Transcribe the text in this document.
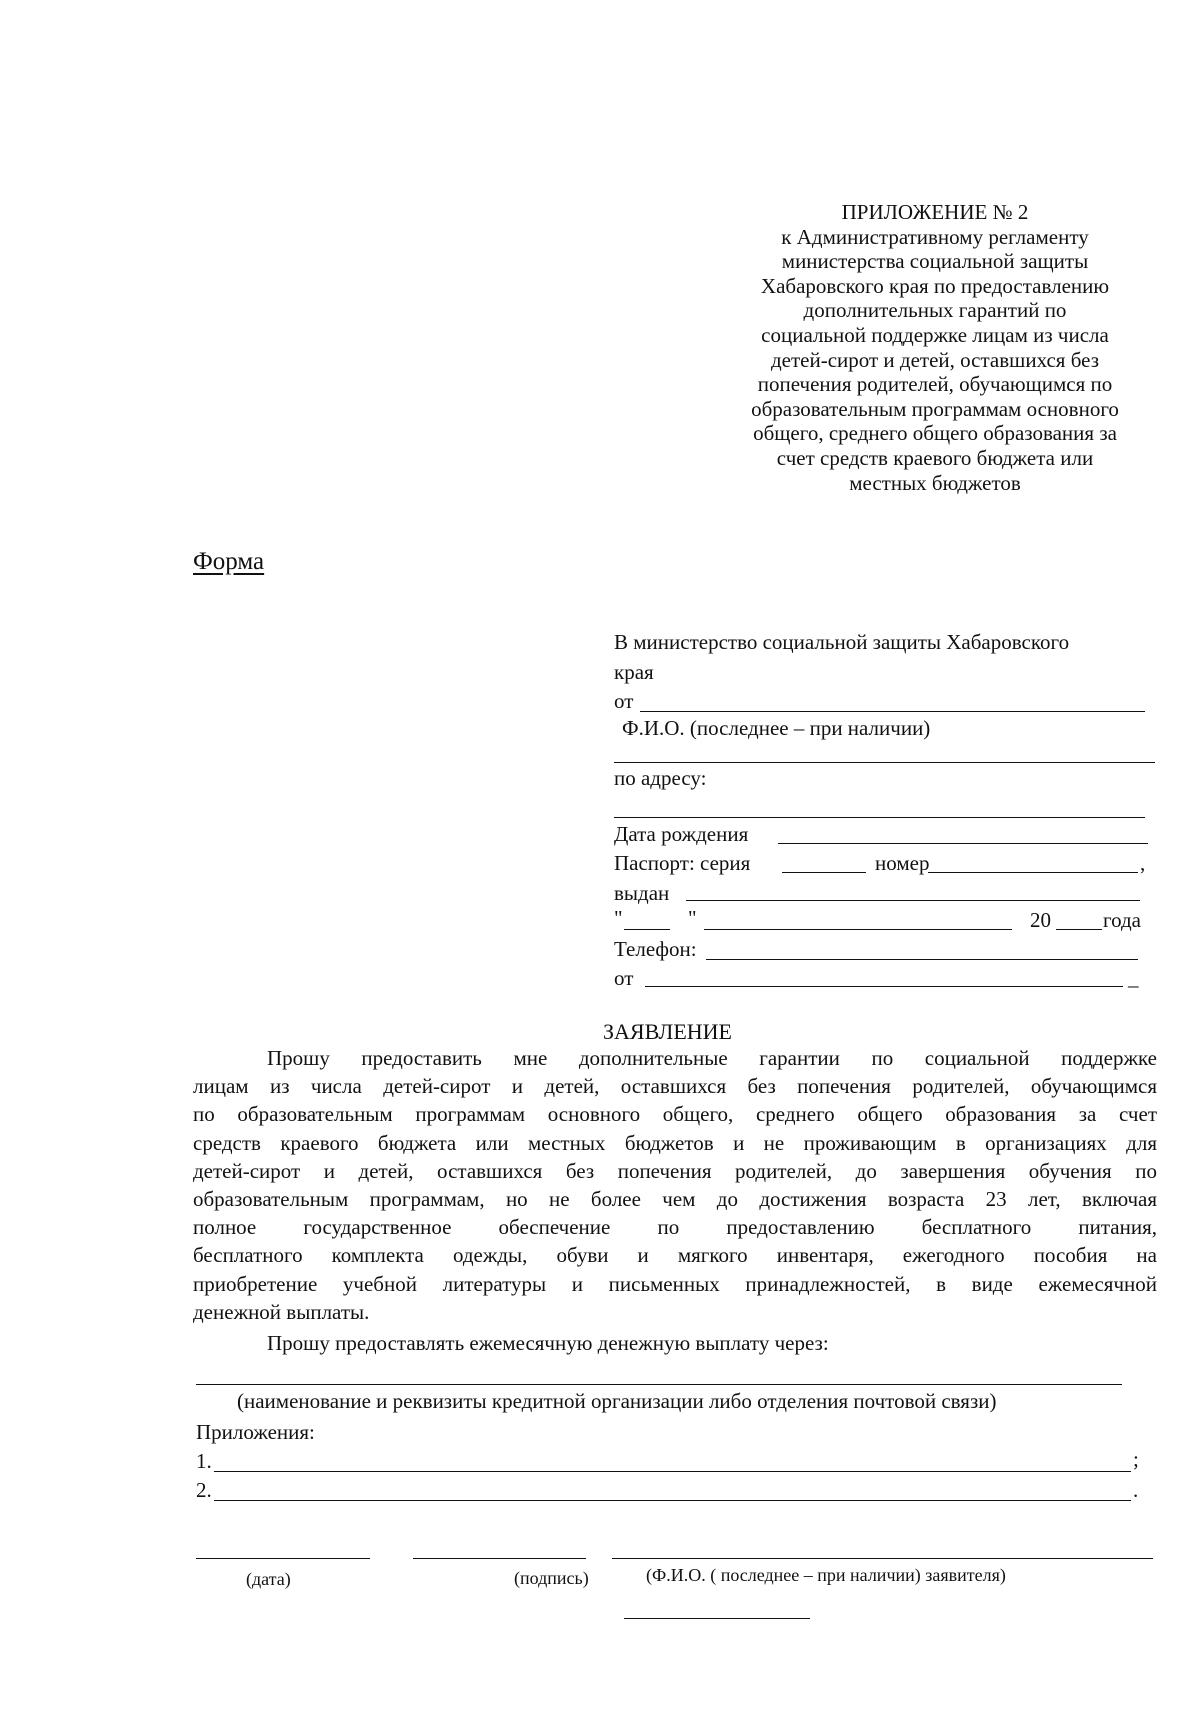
ПРИЛОЖЕНИЕ № 2
к Административному регламенту
министерства социальной защиты
Хабаровского края по предоставлению
дополнительных гарантий по
социальной поддержке лицам из числа
детей-сирот и детей, оставшихся без
попечения родителей, обучающимся по
образовательным программам основного
общего, среднего общего образования за
счет средств краевого бюджета или
местных бюджетов
Форма
В министерство социальной защиты Хабаровского
края
от
Ф.И.О. (последнее – при наличии)
по адресу:
Дата рождения
Паспорт: серия	номер	,
выдан
"	"	20 года
Телефон:
от	_
ЗАЯВЛЕНИЕ
Прошу предоставить мне дополнительные гарантии по социальной поддержке
лицам из числа детей-сирот и детей, оставшихся без попечения родителей, обучающимся
по образовательным программам основного общего, среднего общего образования за счет
средств краевого бюджета или местных бюджетов и не проживающим в организациях для
детей-сирот и детей, оставшихся без попечения родителей, до завершения обучения по
образовательным программам, но не более чем до достижения возраста 23 лет, включая
полное государственное обеспечение по предоставлению бесплатного питания,
бесплатного комплекта одежды, обуви и мягкого инвентаря, ежегодного пособия на
приобретение учебной литературы и письменных принадлежностей, в виде ежемесячной
денежной выплаты.
Прошу предоставлять ежемесячную денежную выплату через:
(наименование и реквизиты кредитной организации либо отделения почтовой связи)
Приложения:
1.	;
2.	.
(дата)	(подпись)	(Ф.И.О. ( последнее – при наличии) заявителя)
